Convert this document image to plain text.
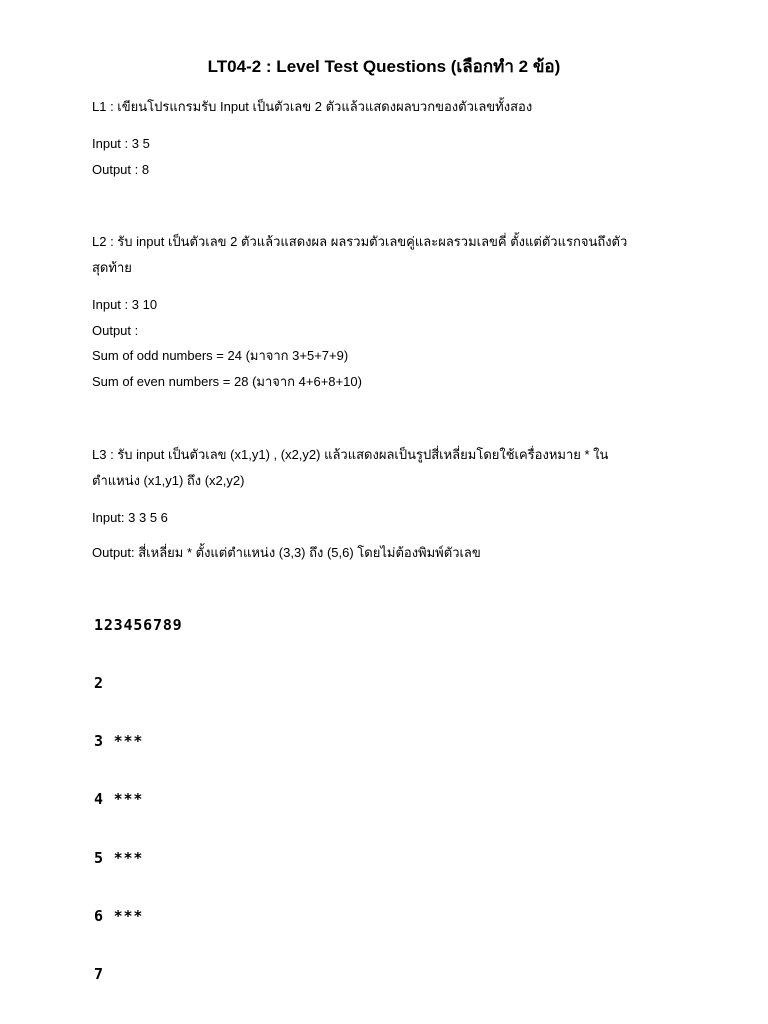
LT04-2 : Level Test Questions (เลือกทำ 2 ข้อ)
L1 : เขียนโปรแกรมรับ Input เป็นตัวเลข 2 ตัวแล้วแสดงผลบวกของตัวเลขทั้งสอง
Input : 3 5
Output : 8
L2 : รับ input เป็นตัวเลข 2 ตัวแล้วแสดงผล ผลรวมตัวเลขคู่และผลรวมเลขคี่ ตั้งแต่ตัวแรกจนถึงตัว
สุดท้าย
Input : 3 10
Output :
Sum of odd numbers = 24 (มาจาก 3+5+7+9)
Sum of even numbers = 28 (มาจาก 4+6+8+10)
L3 : รับ input เป็นตัวเลข (x1,y1) , (x2,y2) แล้วแสดงผลเป็นรูปสี่เหลี่ยมโดยใช้เครื่องหมาย * ใน
ตำแหน่ง (x1,y1) ถึง (x2,y2)
Input: 3 3 5 6
Output: สี่เหลี่ยม * ตั้งแต่ตำแหน่ง (3,3) ถึง (5,6) โดยไม่ต้องพิมพ์ตัวเลข

123456789

2

3 ***

4 ***

5 ***

6 ***

7
